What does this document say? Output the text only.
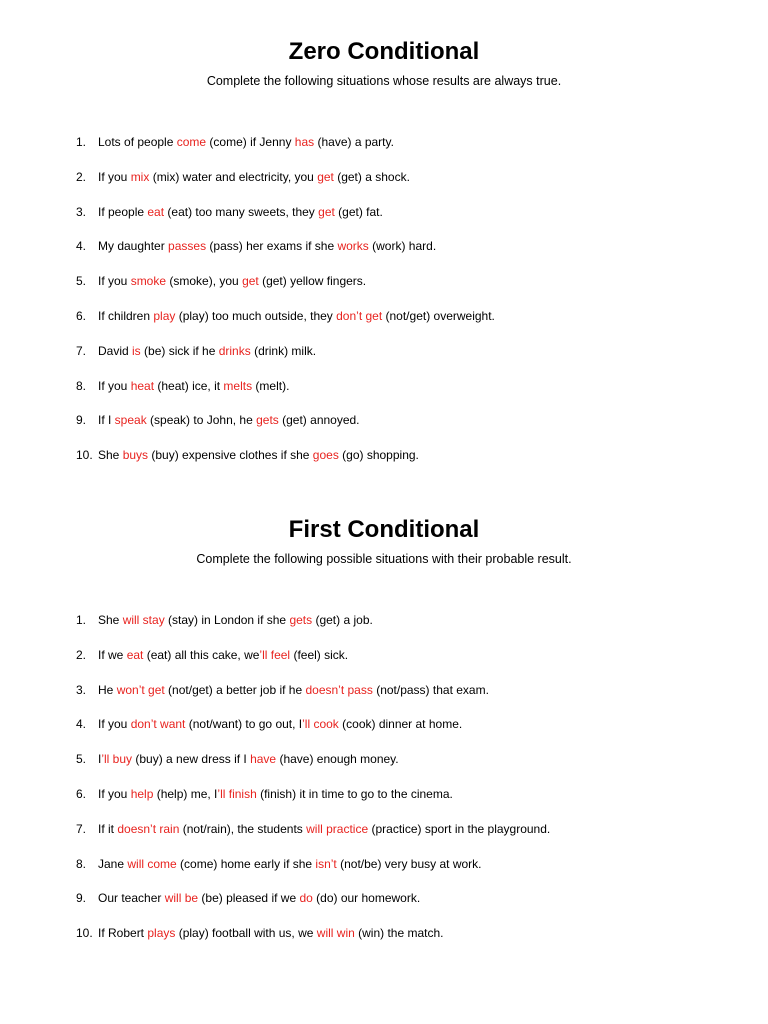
Zero Conditional

Complete the following situations whose results are always true.

1. Lots of people come (come) if Jenny has (have) a party.
2. If you mix (mix) water and electricity, you get (get) a shock.
3. If people eat (eat) too many sweets, they get (get) fat.
4. My daughter passes (pass) her exams if she works (work) hard.
5. If you smoke (smoke), you get (get) yellow fingers.
6. If children play (play) too much outside, they don’t get (not/get) overweight.
7. David is (be) sick if he drinks (drink) milk.
8. If you heat (heat) ice, it melts (melt).
9. If I speak (speak) to John, he gets (get) annoyed.
10. She buys (buy) expensive clothes if she goes (go) shopping.
First Conditional

Complete the following possible situations with their probable result.

1. She will stay (stay) in London if she gets (get) a job.
2. If we eat (eat) all this cake, we’ll feel (feel) sick.
3. He won’t get (not/get) a better job if he doesn’t pass (not/pass) that exam.
4. If you don’t want (not/want) to go out, I’ll cook (cook) dinner at home.
5. I’ll buy (buy) a new dress if I have (have) enough money.
6. If you help (help) me, I’ll finish (finish) it in time to go to the cinema.
7. If it doesn’t rain (not/rain), the students will practice (practice) sport in the playground.
8. Jane will come (come) home early if she isn’t (not/be) very busy at work.
9. Our teacher will be (be) pleased if we do (do) our homework.
10. If Robert plays (play) football with us, we will win (win) the match.
